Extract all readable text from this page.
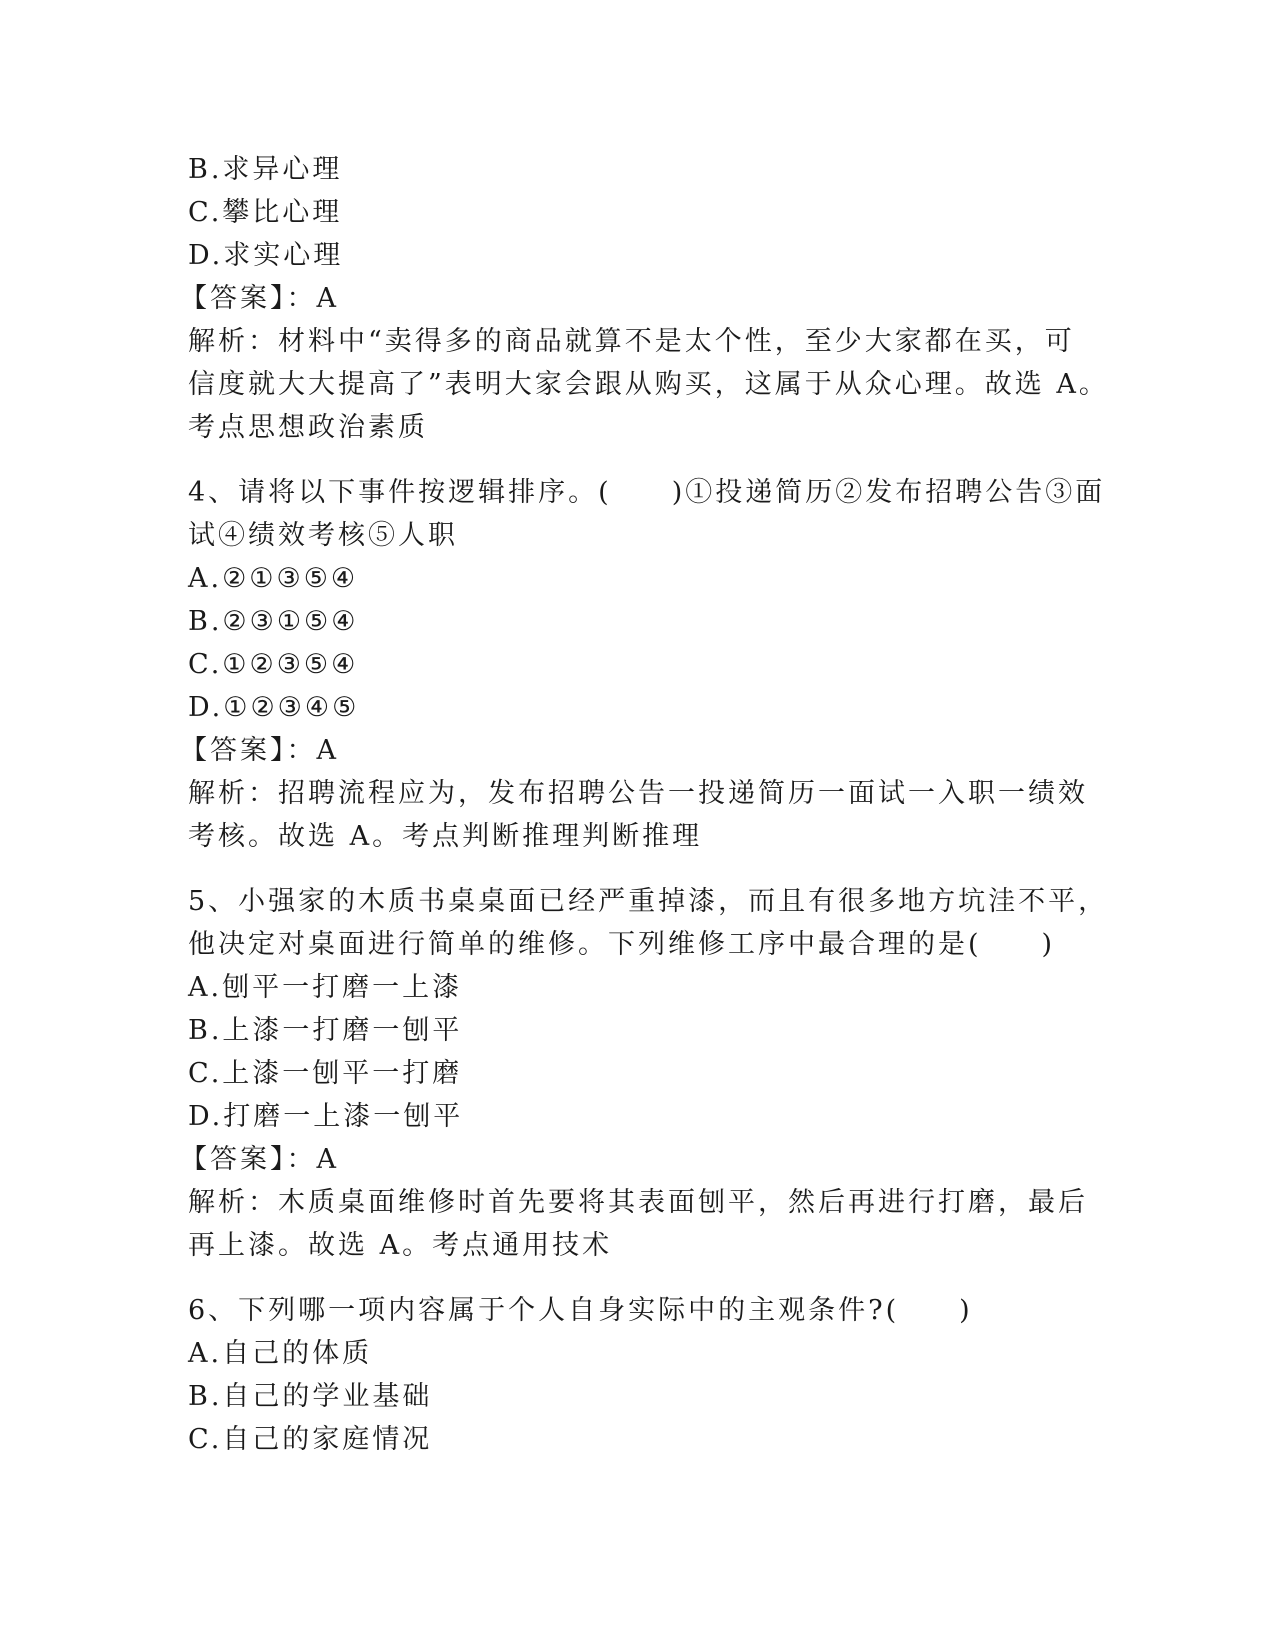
B.求异心理
C.攀比心理
D.求实心理
【答案】：A
解析：材料中“卖得多的商品就算不是太个性，至少大家都在买，可
信度就大大提高了”表明大家会跟从购买，这属于从众心理。故选 A。
考点思想政治素质
4、请将以下事件按逻辑排序。(　　)①投递简历②发布招聘公告③面
试④绩效考核⑤人职
A.②①③⑤④
B.②③①⑤④
C.①②③⑤④
D.①②③④⑤
【答案】：A
解析：招聘流程应为，发布招聘公告一投递简历一面试一入职一绩效
考核。故选 A。考点判断推理判断推理
5、小强家的木质书桌桌面已经严重掉漆，而且有很多地方坑洼不平，
他决定对桌面进行简单的维修。下列维修工序中最合理的是(　　)
A.刨平一打磨一上漆
B.上漆一打磨一刨平
C.上漆一刨平一打磨
D.打磨一上漆一刨平
【答案】：A
解析：木质桌面维修时首先要将其表面刨平，然后再进行打磨，最后
再上漆。故选 A。考点通用技术
6、下列哪一项内容属于个人自身实际中的主观条件?(　　)
A.自己的体质
B.自己的学业基础
C.自己的家庭情况
